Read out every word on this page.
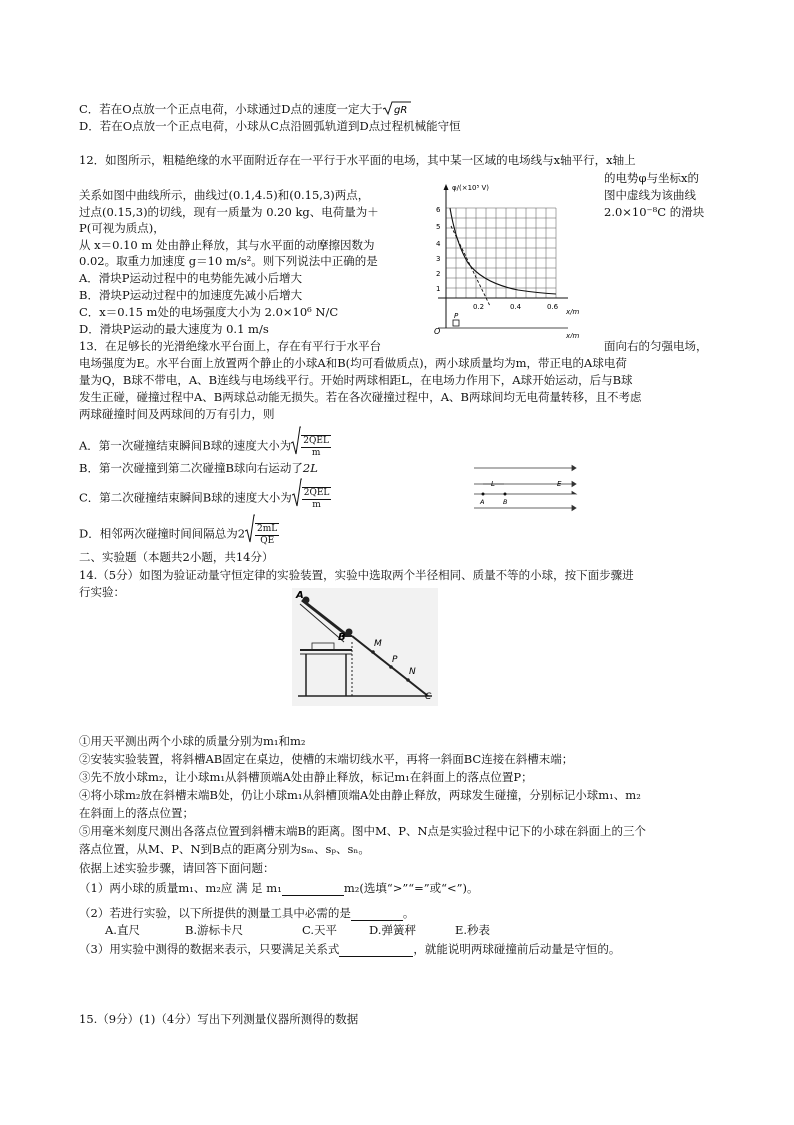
C．若在O点放一个正点电荷，小球通过D点的速度一定大于 gR
D．若在O点放一个正点电荷，小球从C点沿圆弧轨道到D点过程机械能守恒
12．如图所示，粗糙绝缘的水平面附近存在一平行于水平面的电场，其中某一区域的电场线与x轴平行，x轴上
的电势φ与坐标x的
关系如图中曲线所示，曲线过(0.1,4.5)和(0.15,3)两点，	图中虚线为该曲线
过点(0.15,3)的切线，现有一质量为 0.20 kg、电荷量为＋	2.0×10⁻⁸C 的滑块
P(可视为质点)，
从 x＝0.10 m 处由静止释放，其与水平面的动摩擦因数为
0.02。取重力加速度 g＝10 m/s²。则下列说法中正确的是
A．滑块P运动过程中的电势能先减小后增大
B．滑块P运动过程中的加速度先减小后增大
C．x＝0.15 m处的电场强度大小为 2.0×10⁶ N/C
D．滑块P运动的最大速度为 0.1 m/s
P
O
φ/(×10⁵ V)
x/m
x/m
1
2
3
4
5
6
0.2	0.4	0.6
13．在足够长的光滑绝缘水平台面上，存在有平行于水平台	面向右的匀强电场，
电场强度为E。水平台面上放置两个静止的小球A和B(均可看做质点)，两小球质量均为m，带正电的A球电荷
量为Q，B球不带电，A、B连线与电场线平行。开始时两球相距L，在电场力作用下，A球开始运动，后与B球
发生正碰，碰撞过程中A、B两球总动能无损失。若在各次碰撞过程中，A、B两球间均无电荷量转移，且不考虑
两球碰撞时间及两球间的万有引力，则
A．第一次碰撞结束瞬间B球的速度大小为 $\frac{\text{2QEL}}{m}$
B．第一次碰撞到第二次碰撞B球向右运动了2L
C．第二次碰撞结束瞬间B球的速度大小为 $\frac{\text{2QEL}}{m}$
D．相邻两次碰撞时间间隔总为$2 \frac{2mL}{QE}$
L	E
A	B
二、实验题（本题共2小题，共14分）
14.（5分）如图为验证动量守恒定律的实验装置，实验中选取两个半径相同、质量不等的小球，按下面步骤进
行实验：	A
B
M
P
N
C
①用天平测出两个小球的质量分别为m₁和m₂
②安装实验装置，将斜槽AB固定在桌边，使槽的末端切线水平，再将一斜面BC连接在斜槽末端；
③先不放小球m₂，让小球m₁从斜槽顶端A处由静止释放，标记m₁在斜面上的落点位置P；
④将小球m₂放在斜槽末端B处，仍让小球m₁从斜槽顶端A处由静止释放，两球发生碰撞，分别标记小球m₁、m₂
在斜面上的落点位置；
⑤用毫米刻度尺测出各落点位置到斜槽末端B的距离。图中M、P、N点是实验过程中记下的小球在斜面上的三个
落点位置，从M、P、N到B点的距离分别为sₘ、sₚ、sₙ。
依据上述实验步骤，请回答下面问题：
（1）两小球的质量m₁、m₂应 满 足 m₁	m₂(选填“>”“=”或“<”)。
（2）若进行实验，以下所提供的测量工具中必需的是	。
A.直尺	B.游标卡尺	C.天平	D.弹簧秤	E.秒表
（3）用实验中测得的数据来表示，只要满足关系式	，就能说明两球碰撞前后动量是守恒的。
15.（9分）(1)（4分）写出下列测量仪器所测得的数据
